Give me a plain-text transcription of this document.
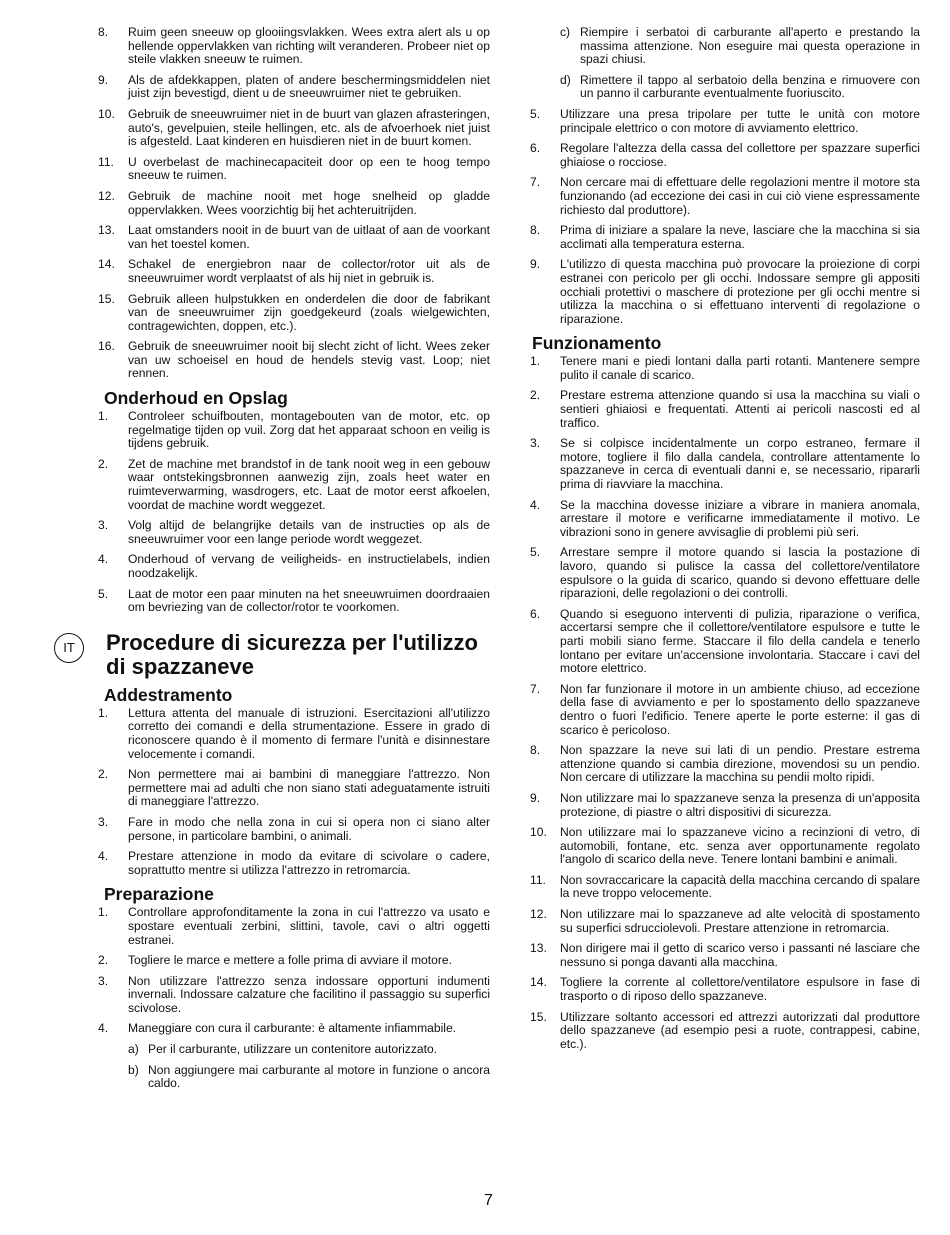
8.	Ruim geen sneeuw op glooiingsvlakken. Wees extra alert als u op hellende oppervlakken van richting wilt veranderen. Probeer niet op steile vlakken sneeuw te ruimen.
9.	Als de afdekkappen, platen of andere beschermingsmiddelen niet juist zijn bevestigd, dient u de sneeuwruimer niet te gebruiken.
10.	Gebruik de sneeuwruimer niet in de buurt van glazen afrasteringen, auto's, gevelpuien, steile hellingen, etc. als de afvoerhoek niet juist is afgesteld. Laat kinderen en huisdieren niet in de buurt komen.
11.	U overbelast de machinecapaciteit door op een te hoog tempo sneeuw te ruimen.
12.	Gebruik de machine nooit met hoge snelheid op gladde oppervlakken. Wees voorzichtig bij het achteruitrijden.
13.	Laat omstanders nooit in de buurt van de uitlaat of aan de voorkant van het toestel komen.
14.	Schakel de energiebron naar de collector/rotor uit als de sneeuwruimer wordt verplaatst of als hij niet in gebruik is.
15.	Gebruik alleen hulpstukken en onderdelen die door de fabrikant van de sneeuwruimer zijn goedgekeurd (zoals wielgewichten, contragewichten, doppen, etc.).
16.	Gebruik de sneeuwruimer nooit bij slecht zicht of licht. Wees zeker van uw schoeisel en houd de hendels stevig vast. Loop; niet rennen.
Onderhoud en Opslag
1.	Controleer schuifbouten, montagebouten van de motor, etc. op regelmatige tijden op vuil. Zorg dat het apparaat schoon en veilig is tijdens gebruik.
2.	Zet de machine met brandstof in de tank nooit weg in een gebouw waar ontstekingsbronnen aanwezig zijn, zoals heet water en ruimteverwarming, wasdrogers, etc. Laat de motor eerst afkoelen, voordat de machine wordt weggezet.
3.	Volg altijd de belangrijke details van de instructies op als de sneeuwruimer voor een lange periode wordt weggezet.
4.	Onderhoud of vervang de veiligheids- en instructielabels, indien noodzakelijk.
5.	Laat de motor een paar minuten na het sneeuwruimen doordraaien om bevriezing van de collector/rotor te voorkomen.
IT	Procedure di sicurezza per l'utilizzo di spazzaneve
Addestramento
1.	Lettura attenta del manuale di istruzioni. Esercitazioni all'utilizzo corretto dei comandi e della strumentazione. Essere in grado di riconoscere quando è il momento di fermare l'unità e disinnestare velocemente i comandi.
2.	Non permettere mai ai bambini di maneggiare l'attrezzo. Non permettere mai ad adulti che non siano stati adeguatamente istruiti di maneggiare l'attrezzo.
3.	Fare in modo che nella zona in cui si opera non ci siano alter persone, in particolare bambini, o animali.
4.	Prestare attenzione in modo da evitare di scivolare o cadere, soprattutto mentre si utilizza l'attrezzo in retromarcia.
Preparazione
1.	Controllare approfonditamente la zona in cui l'attrezzo va usato e spostare eventuali zerbini, slittini, tavole, cavi o altri oggetti estranei.
2.	Togliere le marce e mettere a folle prima di avviare il motore.
3.	Non utilizzare l'attrezzo senza indossare opportuni indumenti invernali. Indossare calzature che facilitino il passaggio su superfici scivolose.
4.	Maneggiare con cura il carburante: è altamente infiammabile.
a) Per il carburante, utilizzare un contenitore autorizzato.
b) Non aggiungere mai carburante al motore in funzione o ancora caldo.
c) Riempire i serbatoi di carburante all'aperto e prestando la massima attenzione. Non eseguire mai questa operazione in spazi chiusi.
d) Rimettere il tappo al serbatoio della benzina e rimuovere con un panno il carburante eventualmente fuoriuscito.
5.	Utilizzare una presa tripolare per tutte le unità con motore principale elettrico o con motore di avviamento elettrico.
6.	Regolare l'altezza della cassa del collettore per spazzare superfici ghiaiose o rocciose.
7.	Non cercare mai di effettuare delle regolazioni mentre il motore sta funzionando (ad eccezione dei casi in cui ciò viene espressamente richiesto dal produttore).
8.	Prima di iniziare a spalare la neve, lasciare che la macchina si sia acclimati alla temperatura esterna.
9.	L'utilizzo di questa macchina può provocare la proiezione di corpi estranei con pericolo per gli occhi. Indossare sempre gli appositi occhiali protettivi o maschere di protezione per gli occhi mentre si utilizza la macchina o si effettuano interventi di regolazione o riparazione.
Funzionamento
1.	Tenere mani e piedi lontani dalla parti rotanti. Mantenere sempre pulito il canale di scarico.
2.	Prestare estrema attenzione quando si usa la macchina su viali o sentieri ghiaiosi e frequentati. Attenti ai pericoli nascosti ed al traffico.
3.	Se si colpisce incidentalmente un corpo estraneo, fermare il motore, togliere il filo dalla candela, controllare attentamente lo spazzaneve in cerca di eventuali danni e, se necessario, ripararli prima di riavviare la macchina.
4.	Se la macchina dovesse iniziare a vibrare in maniera anomala, arrestare il motore e verificarne immediatamente il motivo. Le vibrazioni sono in genere avvisaglie di problemi più seri.
5.	Arrestare sempre il motore quando si lascia la postazione di lavoro, quando si pulisce la cassa del collettore/ventilatore espulsore o la guida di scarico, quando si devono effettuare delle riparazioni, delle regolazioni o dei controlli.
6.	Quando si eseguono interventi di pulizia, riparazione o verifica, accertarsi sempre che il collettore/ventilatore espulsore e tutte le parti mobili siano ferme. Staccare il filo della candela e tenerlo lontano per evitare un'accensione involontaria. Staccare i cavi del motore elettrico.
7.	Non far funzionare il motore in un ambiente chiuso, ad eccezione della fase di avviamento e per lo spostamento dello spazzaneve dentro o fuori l'edificio. Tenere aperte le porte esterne: il gas di scarico è pericoloso.
8.	Non spazzare la neve sui lati di un pendio. Prestare estrema attenzione quando si cambia direzione, movendosi su un pendio. Non cercare di utilizzare la macchina su pendii molto ripidi.
9.	Non utilizzare mai lo spazzaneve senza la presenza di un'apposita protezione, di piastre o altri dispositivi di sicurezza.
10.	Non utilizzare mai lo spazzaneve vicino a recinzioni di vetro, di automobili, fontane, etc. senza aver opportunamente regolato l'angolo di scarico della neve. Tenere lontani bambini e animali.
11.	Non sovraccaricare la capacità della macchina cercando di spalare la neve troppo velocemente.
12.	Non utilizzare mai lo spazzaneve ad alte velocità di spostamento su superfici sdrucciolevoli. Prestare attenzione in retromarcia.
13.	Non dirigere mai il getto di scarico verso i passanti né lasciare che nessuno si ponga davanti alla macchina.
14.	Togliere la corrente al collettore/ventilatore espulsore in fase di trasporto o di riposo dello spazzaneve.
15.	Utilizzare soltanto accessori ed attrezzi autorizzati dal produttore dello spazzaneve (ad esempio pesi a ruote, contrappesi, cabine, etc.).
7
